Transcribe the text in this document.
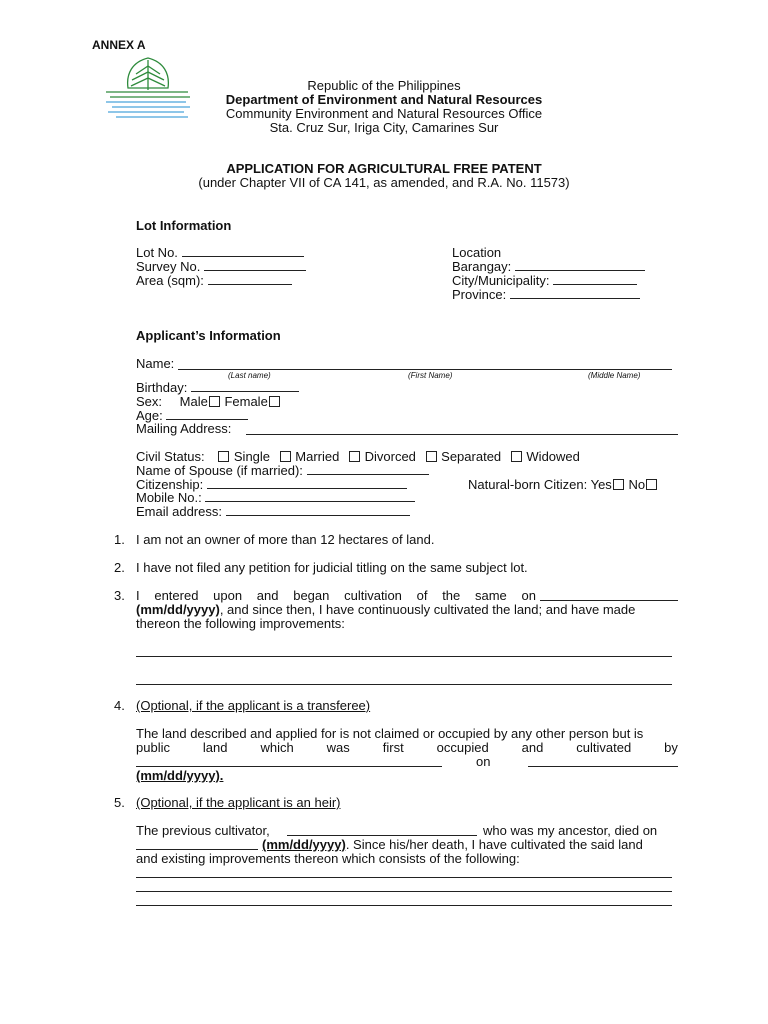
ANNEX A
Republic of the Philippines
Department of Environment and Natural Resources
Community Environment and Natural Resources Office
Sta. Cruz Sur, Iriga City, Camarines Sur
APPLICATION FOR AGRICULTURAL FREE PATENT
(under Chapter VII of CA 141, as amended, and R.A. No. 11573)
Lot Information
Lot No.
Survey No.
Area (sqm):
Location
Barangay:
City/Municipality:
Province:
Applicant’s Information
Name:
(Last name)	(First Name)	(Middle Name)
Birthday:
Sex: Male Female
Age:
Mailing Address:
Civil Status: Single Married Divorced Separated Widowed
Name of Spouse (if married):
Citizenship:	Natural-born Citizen: Yes No
Mobile No.:
Email address:
1. I am not an owner of more than 12 hectares of land.
2. I have not filed any petition for judicial titling on the same subject lot.
3. I entered upon and began cultivation of the same on
(mm/dd/yyyy), and since then, I have continuously cultivated the land; and have made
thereon the following improvements:
4. (Optional, if the applicant is a transferee)
The land described and applied for is not claimed or occupied by any other person but is
public	land	which	was	first	occupied	and	cultivated	by
on
(mm/dd/yyyy).
5. (Optional, if the applicant is an heir)
The previous cultivator,	who was my ancestor, died on
(mm/dd/yyyy). Since his/her death, I have cultivated the said land
and existing improvements thereon which consists of the following:
